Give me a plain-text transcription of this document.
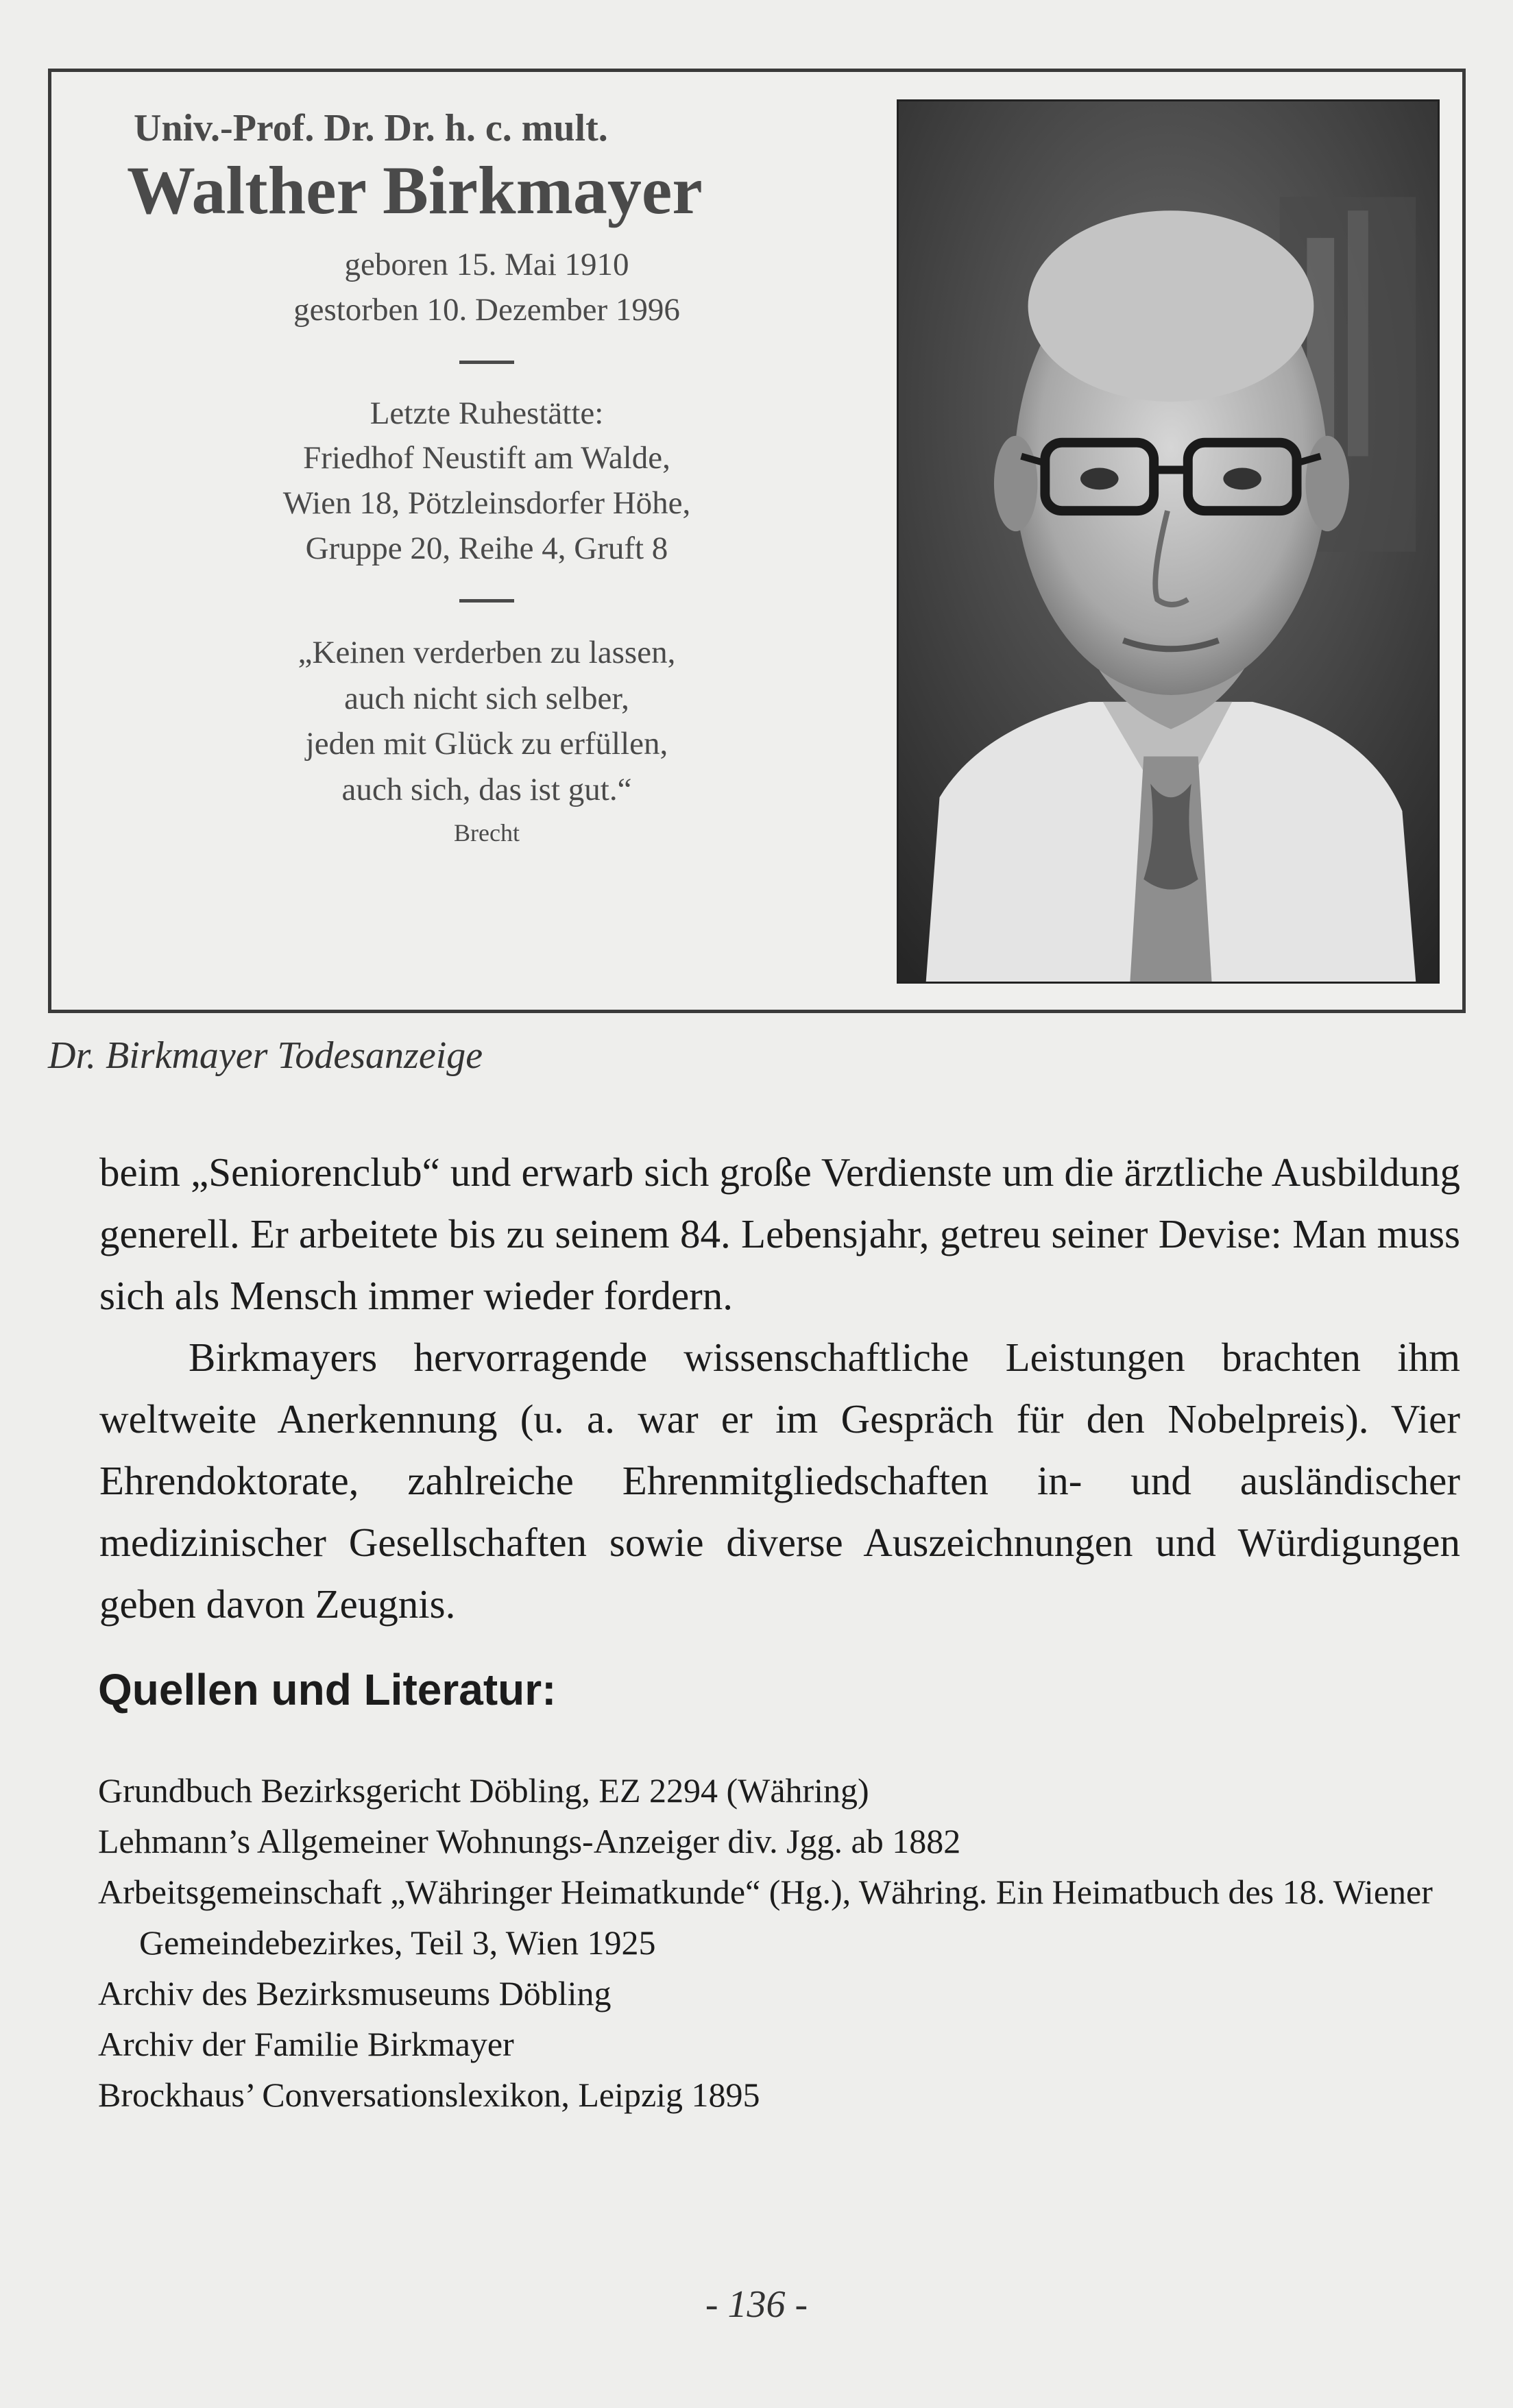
Univ.-Prof. Dr. Dr. h. c. mult.
Walther Birkmayer
geboren 15. Mai 1910
gestorben 10. Dezember 1996
Letzte Ruhestätte:
Friedhof Neustift am Walde,
Wien 18, Pötzleinsdorfer Höhe,
Gruppe 20, Reihe 4, Gruft 8
„Keinen verderben zu lassen,
auch nicht sich selber,
jeden mit Glück zu erfüllen,
auch sich, das ist gut.“
Brecht
Dr. Birkmayer Todesanzeige

beim „Seniorenclub“ und erwarb sich große Verdienste um die ärztliche Ausbildung generell. Er arbeitete bis zu seinem 84. Lebensjahr, getreu seiner Devise: Man muss sich als Mensch immer wieder fordern.

Birkmayers hervorragende wissenschaftliche Leistungen brachten ihm weltweite Anerkennung (u. a. war er im Gespräch für den Nobelpreis). Vier Ehrendoktorate, zahlreiche Ehrenmitgliedschaften in- und ausländischer medizinischer Gesellschaften sowie diverse Auszeichnungen und Würdigungen geben davon Zeugnis.

Quellen und Literatur:
Grundbuch Bezirksgericht Döbling, EZ 2294 (Währing)
Lehmann’s Allgemeiner Wohnungs-Anzeiger div. Jgg. ab 1882
Arbeitsgemeinschaft „Währinger Heimatkunde“ (Hg.), Währing. Ein Heimatbuch des 18. Wiener Gemeindebezirkes, Teil 3, Wien 1925
Archiv des Bezirksmuseums Döbling
Archiv der Familie Birkmayer
Brockhaus’ Conversationslexikon, Leipzig 1895
- 136 -
